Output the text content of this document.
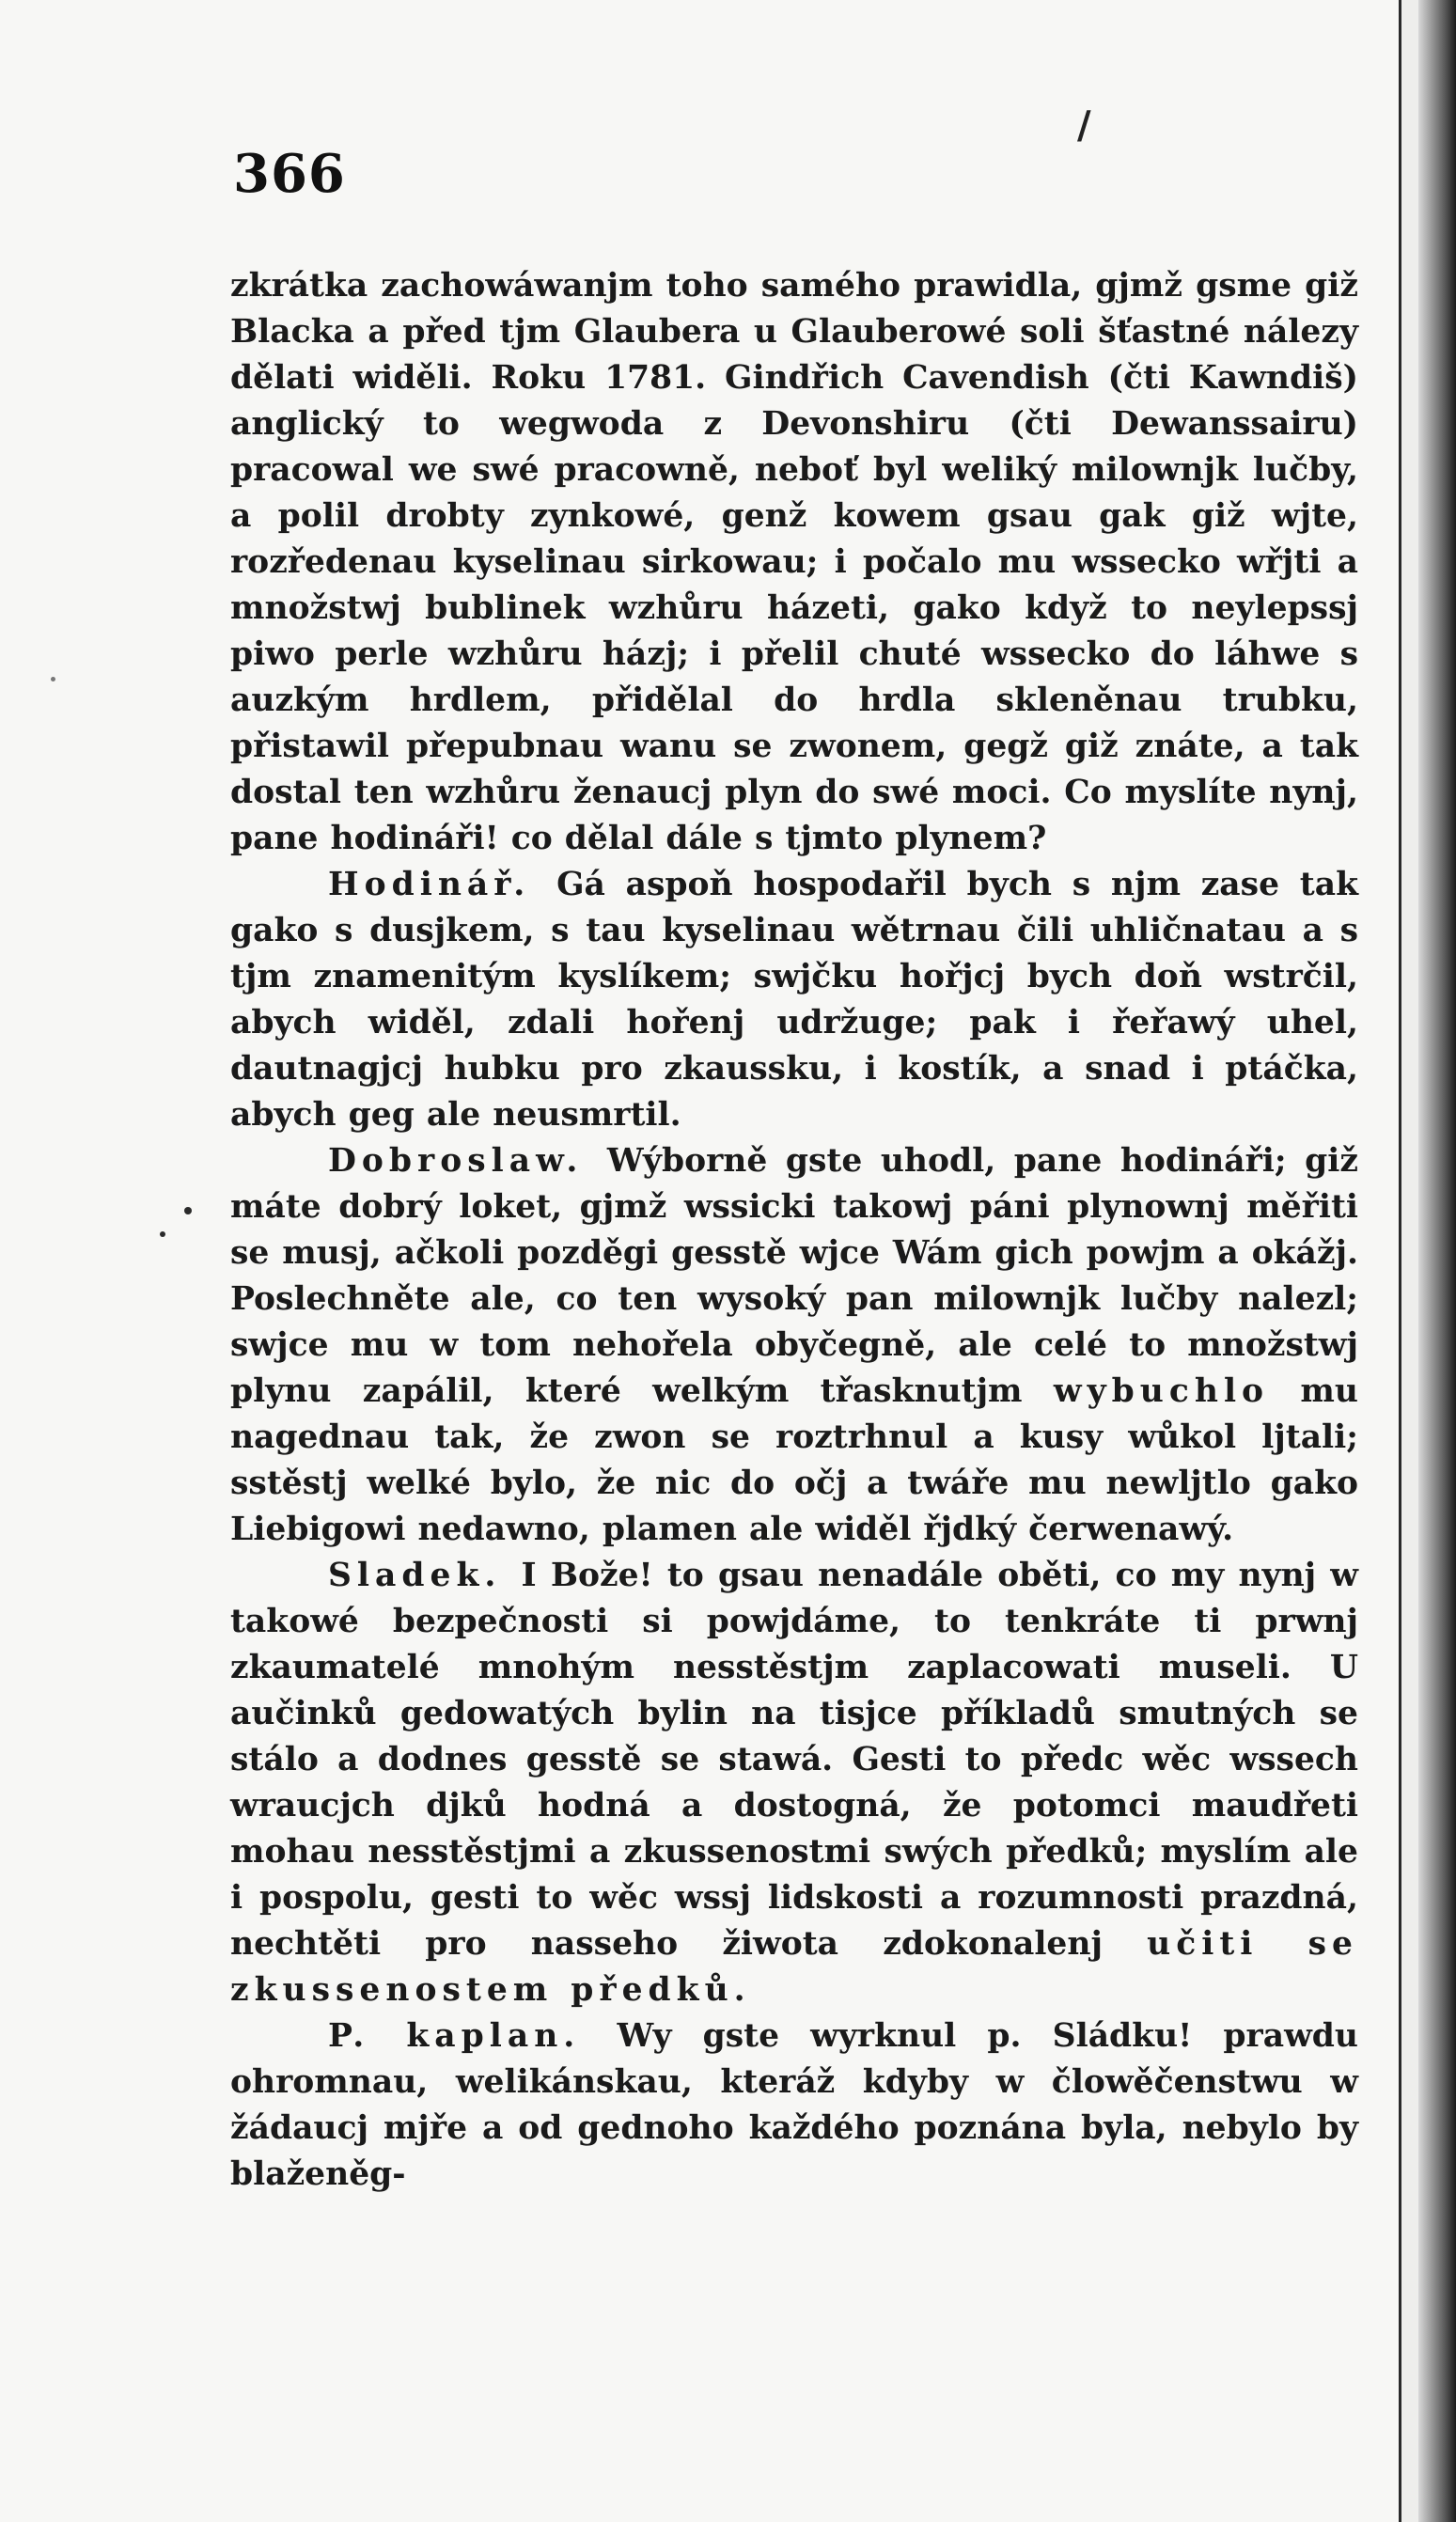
366
/

zkrátka zachowáwanjm toho samého prawidla, gjmž gsme giž Blacka a před tjm Glaubera u Glauberowé soli šťastné nálezy dělati widěli. Roku 1781. Gindřich Cavendish (čti Kawndiš) anglický to wegwoda z Devonshiru (čti Dewanssairu) pracowal we swé pracowně, neboť byl weliký milownjk lučby, a polil drobty zynkowé, genž kowem gsau gak giž wjte, rozředenau kyselinau sirkowau; i počalo mu wssecko wřjti a množstwj bublinek wzhůru házeti, gako když to neylepssj piwo perle wzhůru házj; i přelil chuté wssecko do láhwe s auzkým hrdlem, přidělal do hrdla skleněnau trubku, přistawil přepubnau wanu se zwonem, gegž giž znáte, a tak dostal ten wzhůru ženaucj plyn do swé moci. Co myslíte nynj, pane hodináři! co dělal dále s tjmto plynem?

Hodinář. Gá aspoň hospodařil bych s njm zase tak gako s dusjkem, s tau kyselinau wětrnau čili uhličnatau a s tjm znamenitým kyslíkem; swjčku hořjcj bych doň wstrčil, abych widěl, zdali hořenj udržuge; pak i řeřawý uhel, dautnagjcj hubku pro zkaussku, i kostík, a snad i ptáčka, abych geg ale neusmrtil.

Dobroslaw. Wýborně gste uhodl, pane hodináři; giž máte dobrý loket, gjmž wssicki takowj páni plynownj měřiti se musj, ačkoli pozděgi gesstě wjce Wám gich powjm a okážj. Poslechněte ale, co ten wysoký pan milownjk lučby nalezl; swjce mu w tom nehořela obyčegně, ale celé to množstwj plynu zapálil, které welkým třasknutjm wybuchlo mu nagednau tak, že zwon se roztrhnul a kusy wůkol ljtali; sstěstj welké bylo, že nic do očj a twáře mu newljtlo gako Liebigowi nedawno, plamen ale widěl řjdký čerwenawý.

Sladek. I Bože! to gsau nenadále oběti, co my nynj w takowé bezpečnosti si powjdáme, to tenkráte ti prwnj zkaumatelé mnohým nesstěstjm zaplacowati museli. U aučinků gedowatých bylin na tisjce příkladů smutných se stálo a dodnes gesstě se stawá. Gesti to předc wěc wssech wraucjch djků hodná a dostogná, že potomci maudřeti mohau nesstěstjmi a zkussenostmi swých předků; myslím ale i pospolu, gesti to wěc wssj lidskosti a rozumnosti prazdná, nechtěti pro nasseho žiwota zdokonalenj učiti se zkussenostem předků.

P. kaplan. Wy gste wyrknul p. Sládku! prawdu ohromnau, welikánskau, kteráž kdyby w člowěčenstwu w žádaucj mjře a od gednoho každého poznána byla, nebylo by blaženěg-
